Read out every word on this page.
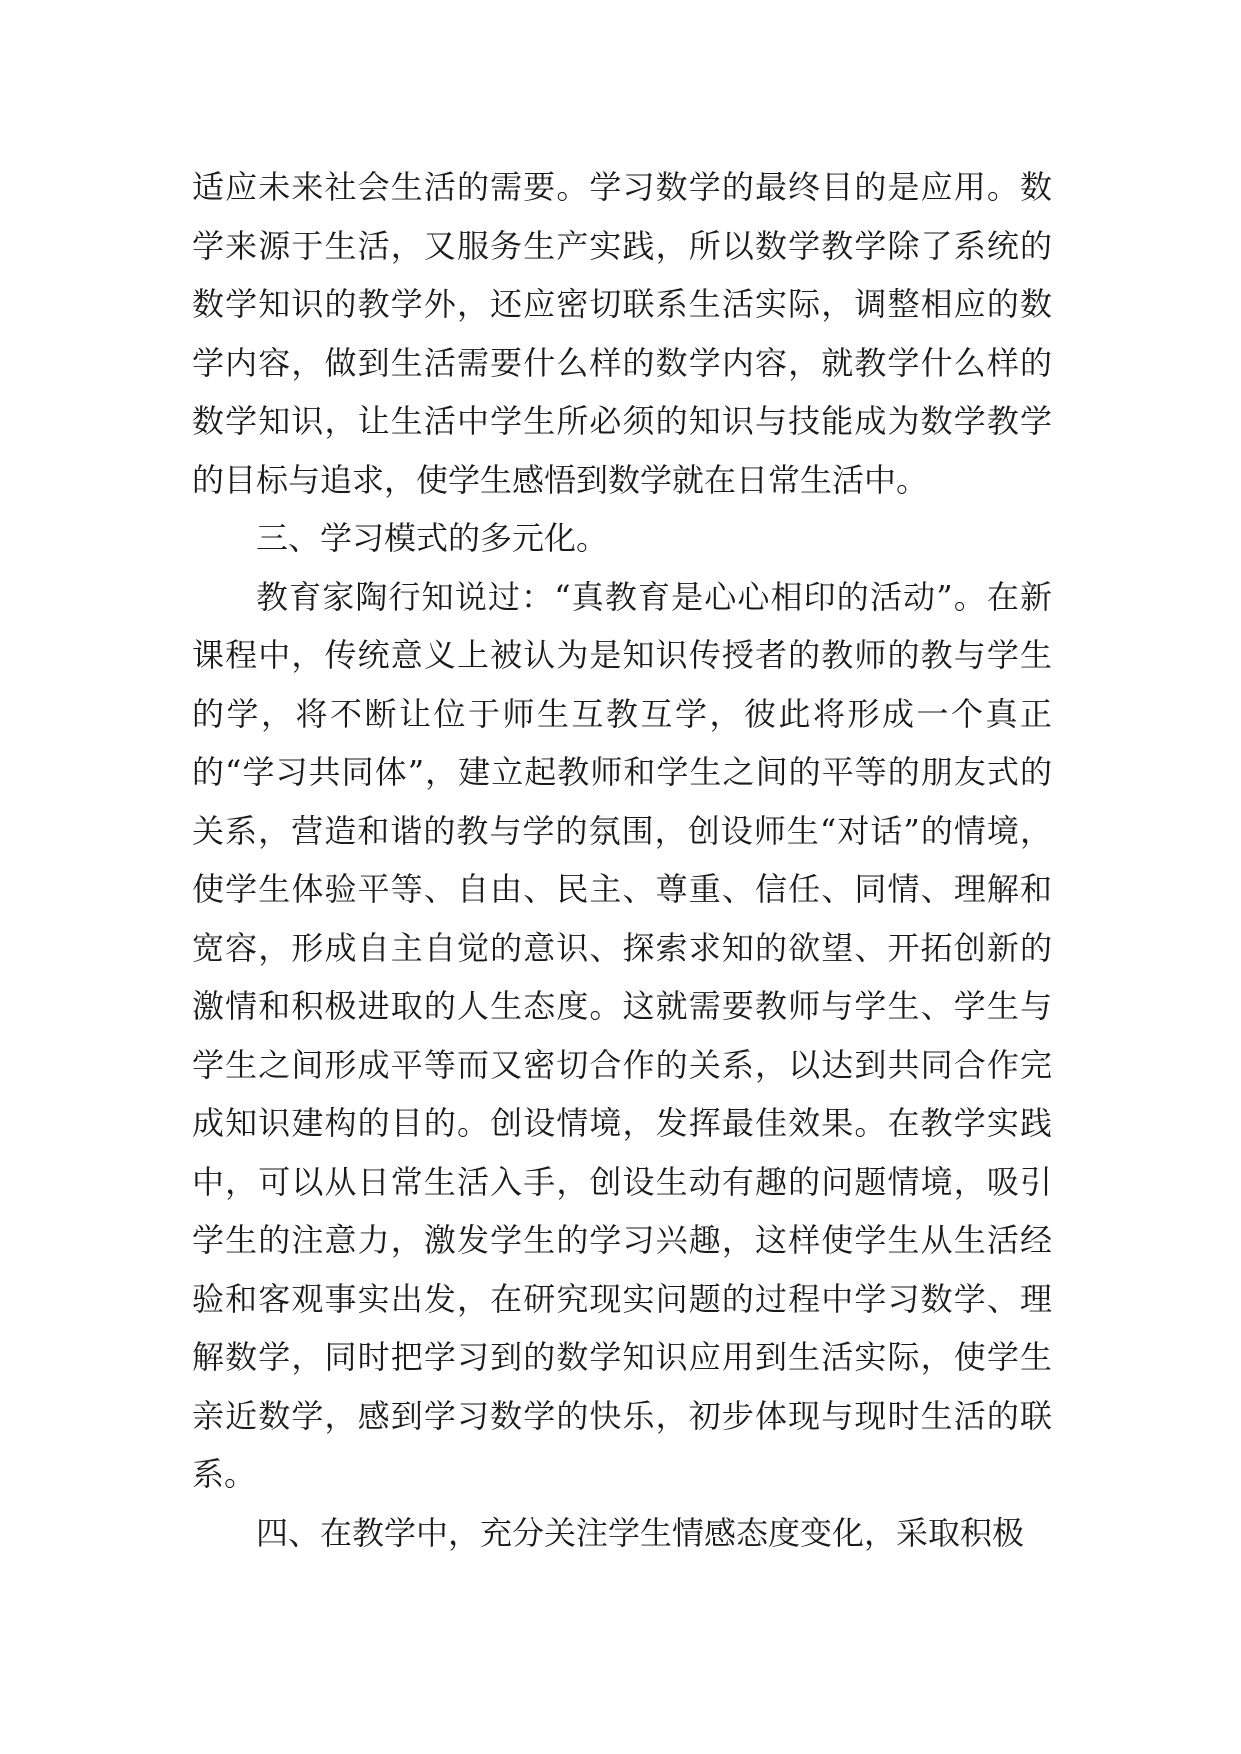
适应未来社会生活的需要。学习数学的最终目的是应用。数学来源于生活，又服务生产实践，所以数学教学除了系统的数学知识的教学外，还应密切联系生活实际，调整相应的数学内容，做到生活需要什么样的数学内容，就教学什么样的数学知识，让生活中学生所必须的知识与技能成为数学教学的目标与追求，使学生感悟到数学就在日常生活中。

三、学习模式的多元化。

教育家陶行知说过：“真教育是心心相印的活动”。在新课程中，传统意义上被认为是知识传授者的教师的教与学生的学，将不断让位于师生互教互学，彼此将形成一个真正的“学习共同体”，建立起教师和学生之间的平等的朋友式的关系，营造和谐的教与学的氛围，创设师生“对话”的情境，使学生体验平等、自由、民主、尊重、信任、同情、理解和宽容，形成自主自觉的意识、探索求知的欲望、开拓创新的激情和积极进取的人生态度。这就需要教师与学生、学生与学生之间形成平等而又密切合作的关系，以达到共同合作完成知识建构的目的。创设情境，发挥最佳效果。在教学实践中，可以从日常生活入手，创设生动有趣的问题情境，吸引学生的注意力，激发学生的学习兴趣，这样使学生从生活经验和客观事实出发，在研究现实问题的过程中学习数学、理解数学，同时把学习到的数学知识应用到生活实际，使学生亲近数学，感到学习数学的快乐，初步体现与现时生活的联系。

四、在教学中，充分关注学生情感态度变化，采取积极
